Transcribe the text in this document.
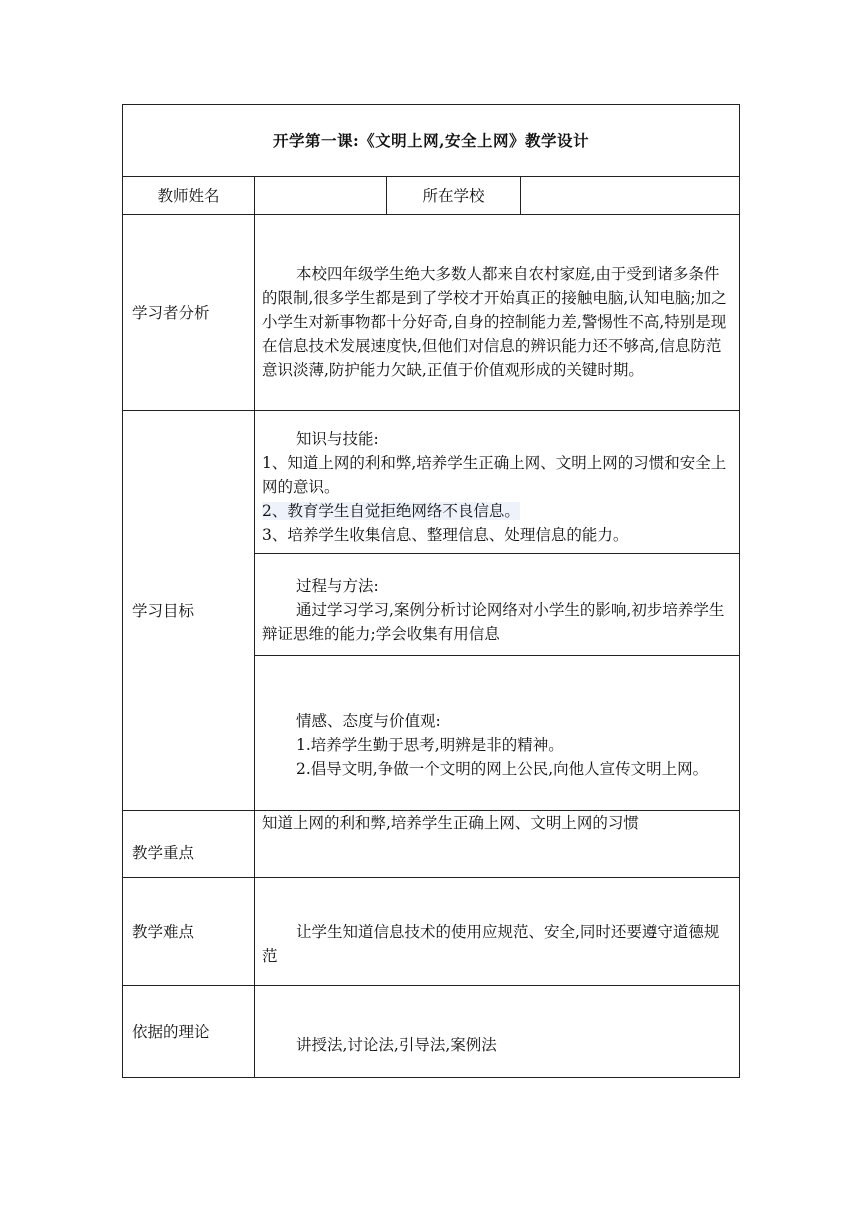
开学第一课:《文明上网,安全上网》教学设计			
教师姓名		所在学校	
学习者分析	本校四年级学生绝大多数人都来自农村家庭,由于受到诸多条件的限制,很多学生都是到了学校才开始真正的接触电脑,认知电脑;加之小学生对新事物都十分好奇,自身的控制能力差,警惕性不高,特别是现在信息技术发展速度快,但他们对信息的辨识能力还不够高,信息防范意识淡薄,防护能力欠缺,正值于价值观形成的关键时期。		

学习目标	知识与技能:

1、知道上网的利和弊,培养学生正确上网、文明上网的习惯和安全上网的意识。

2、教育学生自觉拒绝网络不良信息。

3、培养学生收集信息、整理信息、处理信息的能力。		

	过程与方法:

通过学习学习,案例分析讨论网络对小学生的影响,初步培养学生辩证思维的能力;学会收集有用信息		

	情感、态度与价值观:

1.培养学生勤于思考,明辨是非的精神。

2.倡导文明,争做一个文明的网上公民,向他人宣传文明上网。		

教学重点	知道上网的利和弊,培养学生正确上网、文明上网的习惯		

教学难点	让学生知道信息技术的使用应规范、安全,同时还要遵守道德规范		

依据的理论	讲授法,讨论法,引导法,案例法		
